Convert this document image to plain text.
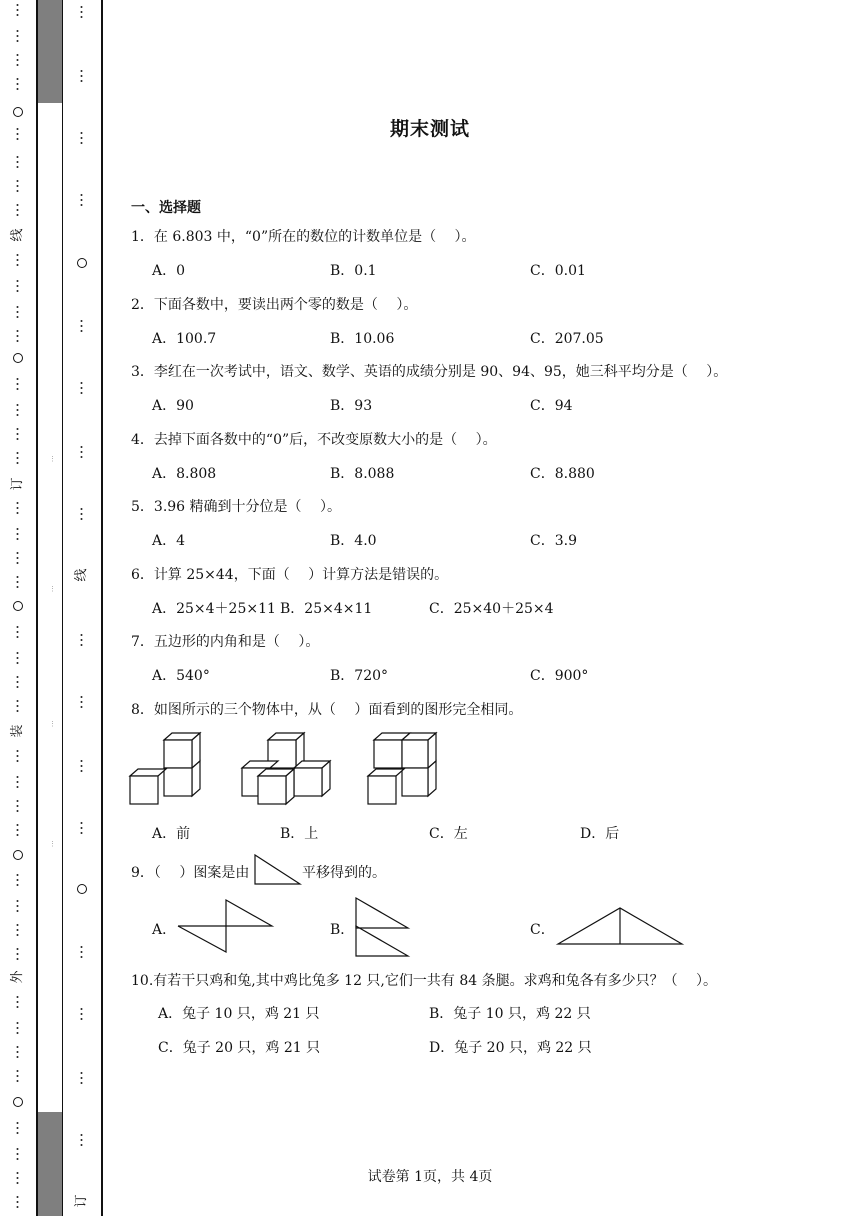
线
订
装
外
⋮
⋮
⋮
⋮
线
订
期末测试
一、选择题
1．在 6.803 中，“0”所在的数位的计数单位是（　 ）。
A．0	B．0.1	C．0.01
2．下面各数中，要读出两个零的数是（　 ）。
A．100.7	B．10.06	C．207.05
3．李红在一次考试中，语文、数学、英语的成绩分别是 90、94、95，她三科平均分是（　 ）。
A．90	B．93	C．94
4．去掉下面各数中的“0”后，不改变原数大小的是（　 ）。
A．8.808	B．8.088	C．8.880
5．3.96 精确到十分位是（　 ）。
A．4	B．4.0	C．3.9
6．计算 25×44，下面（　 ）计算方法是错误的。
A．25×4＋25×11 B．25×4×11	C．25×40＋25×4
7．五边形的内角和是（　 ）。
A．540°	B．720°	C．900°
8．如图所示的三个物体中，从（　 ）面看到的图形完全相同。
A．前	B．上	C．左	D．后
9．（　 ）图案是由	平移得到的。
A．	B．	C．
10.有若干只鸡和兔,其中鸡比兔多 12 只,它们一共有 84 条腿。求鸡和兔各有多少只？（　 ）。
A．兔子 10 只，鸡 21 只	B．兔子 10 只，鸡 22 只
C．兔子 20 只，鸡 21 只	D．兔子 20 只，鸡 22 只
试卷第 1页，共 4页
